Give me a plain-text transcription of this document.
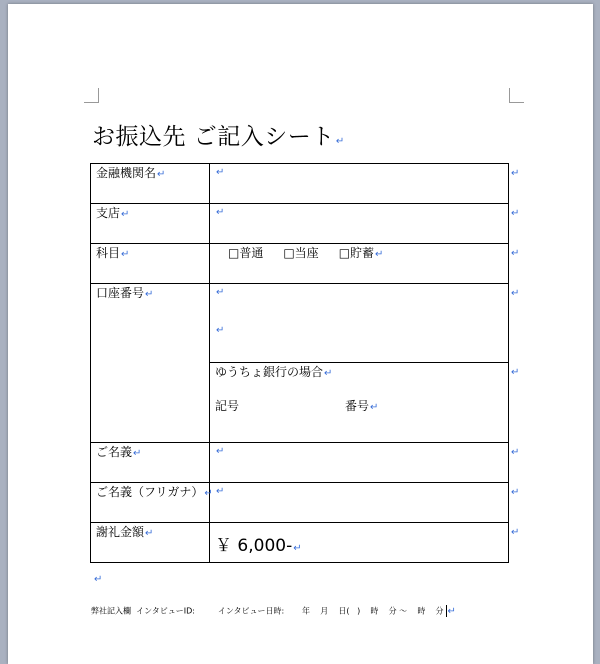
お振込先 ご記入シート↵
金融機関名↵	↵
支店↵	↵
科目↵	□普通 □当座 □貯蓄↵
口座番号↵	↵
↵

	ゆうちょ銀行の場合↵
記号 番号↵

ご名義↵	↵
ご名義（フリガナ）↵	↵
謝礼金額↵	￥ 6,000-↵
↵
↵
↵
↵
↵
↵
↵
↵
↵
弊社記入欄  インタビューID:         インタビュー日時:       年    月    日(   )    時    分 ～    時    分 ↵
